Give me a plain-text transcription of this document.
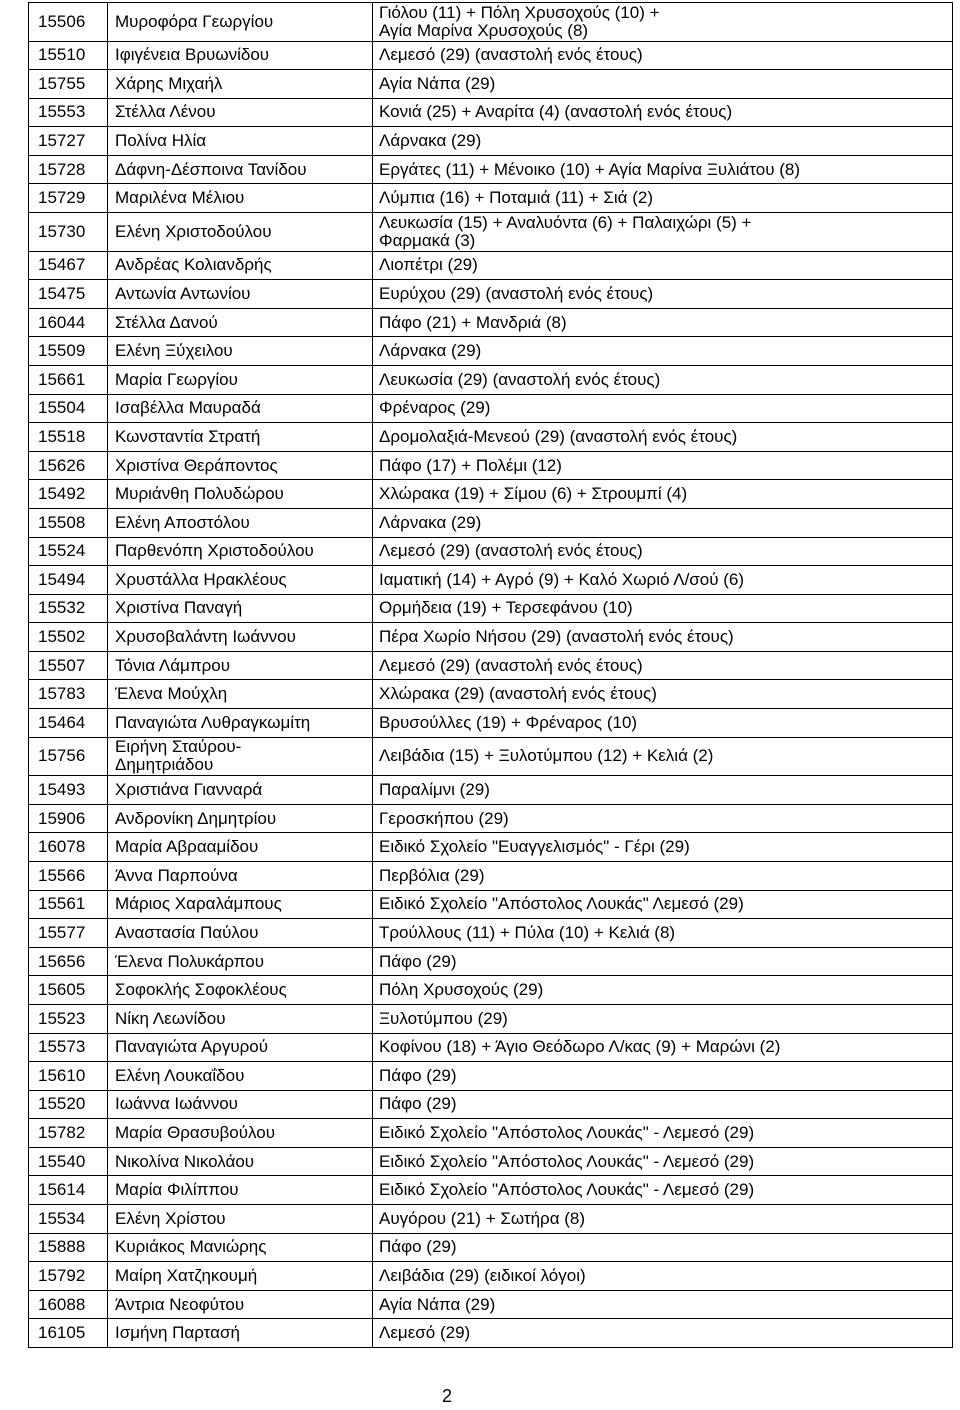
15506	Μυροφόρα Γεωργίου	Γιόλου (11) + Πόλη Χρυσοχούς (10) +
Αγία Μαρίνα Χρυσοχούς (8)
15510	Ιφιγένεια Βρυωνίδου	Λεμεσό (29) (αναστολή ενός έτους)
15755	Χάρης Μιχαήλ	Αγία Νάπα (29)
15553	Στέλλα Λένου	Κονιά (25) + Αναρίτα (4) (αναστολή ενός έτους)
15727	Πολίνα Ηλία	Λάρνακα (29)
15728	Δάφνη-Δέσποινα Τανίδου	Εργάτες (11) + Μένοικο (10) + Αγία Μαρίνα Ξυλιάτου (8)
15729	Μαριλένα Μέλιου	Λύμπια (16) + Ποταμιά (11) + Σιά (2)
15730	Ελένη Χριστοδούλου	Λευκωσία (15) + Αναλυόντα (6) + Παλαιχώρι (5) +
Φαρμακά (3)
15467	Ανδρέας Κολιανδρής	Λιοπέτρι (29)
15475	Αντωνία Αντωνίου	Ευρύχου (29) (αναστολή ενός έτους)
16044	Στέλλα Δανού	Πάφο (21) + Μανδριά (8)
15509	Ελένη Ξύχειλου	Λάρνακα (29)
15661	Μαρία Γεωργίου	Λευκωσία (29) (αναστολή ενός έτους)
15504	Ισαβέλλα Μαυραδά	Φρέναρος (29)
15518	Κωνσταντία Στρατή	Δρομολαξιά-Μενεού (29) (αναστολή ενός έτους)
15626	Χριστίνα Θεράποντος	Πάφο (17) + Πολέμι (12)
15492	Μυριάνθη Πολυδώρου	Χλώρακα (19) + Σίμου (6) + Στρουμπί (4)
15508	Ελένη Αποστόλου	Λάρνακα (29)
15524	Παρθενόπη Χριστοδούλου	Λεμεσό (29) (αναστολή ενός έτους)
15494	Χρυστάλλα Ηρακλέους	Ιαματική (14) + Αγρό (9) + Καλό Χωριό Λ/σού (6)
15532	Χριστίνα Παναγή	Ορμήδεια (19) + Τερσεφάνου (10)
15502	Χρυσοβαλάντη Ιωάννου	Πέρα Χωρίο Νήσου (29) (αναστολή ενός έτους)
15507	Τόνια Λάμπρου	Λεμεσό (29) (αναστολή ενός έτους)
15783	Έλενα Μούχλη	Χλώρακα (29) (αναστολή ενός έτους)
15464	Παναγιώτα Λυθραγκωμίτη	Βρυσούλλες (19) + Φρέναρος (10)
15756	Ειρήνη Σταύρου-
Δημητριάδου	Λειβάδια (15) + Ξυλοτύμπου (12) + Κελιά (2)
15493	Χριστιάνα Γιανναρά	Παραλίμνι (29)
15906	Ανδρονίκη Δημητρίου	Γεροσκήπου (29)
16078	Μαρία Αβρααμίδου	Ειδικό Σχολείο "Ευαγγελισμός" - Γέρι (29)
15566	Άννα Παρπούνα	Περβόλια (29)
15561	Μάριος Χαραλάμπους	Ειδικό Σχολείο "Απόστολος Λουκάς" Λεμεσό (29)
15577	Αναστασία Παύλου	Τρούλλους (11) + Πύλα (10) + Κελιά (8)
15656	Έλενα Πολυκάρπου	Πάφο (29)
15605	Σοφοκλής Σοφοκλέους	Πόλη Χρυσοχούς (29)
15523	Νίκη Λεωνίδου	Ξυλοτύμπου (29)
15573	Παναγιώτα Αργυρού	Κοφίνου (18) + Άγιο Θεόδωρο Λ/κας (9) + Μαρώνι (2)
15610	Ελένη Λουκαΐδου	Πάφο (29)
15520	Ιωάννα Ιωάννου	Πάφο (29)
15782	Μαρία Θρασυβούλου	Ειδικό Σχολείο "Απόστολος Λουκάς" - Λεμεσό (29)
15540	Νικολίνα Νικολάου	Ειδικό Σχολείο "Απόστολος Λουκάς" - Λεμεσό (29)
15614	Μαρία Φιλίππου	Ειδικό Σχολείο "Απόστολος Λουκάς" - Λεμεσό (29)
15534	Ελένη Χρίστου	Αυγόρου (21) + Σωτήρα (8)
15888	Κυριάκος Μανιώρης	Πάφο (29)
15792	Μαίρη Χατζηκουμή	Λειβάδια (29) (ειδικοί λόγοι)
16088	Άντρια Νεοφύτου	Αγία Νάπα (29)
16105	Ισμήνη Παρτασή	Λεμεσό (29)
2
